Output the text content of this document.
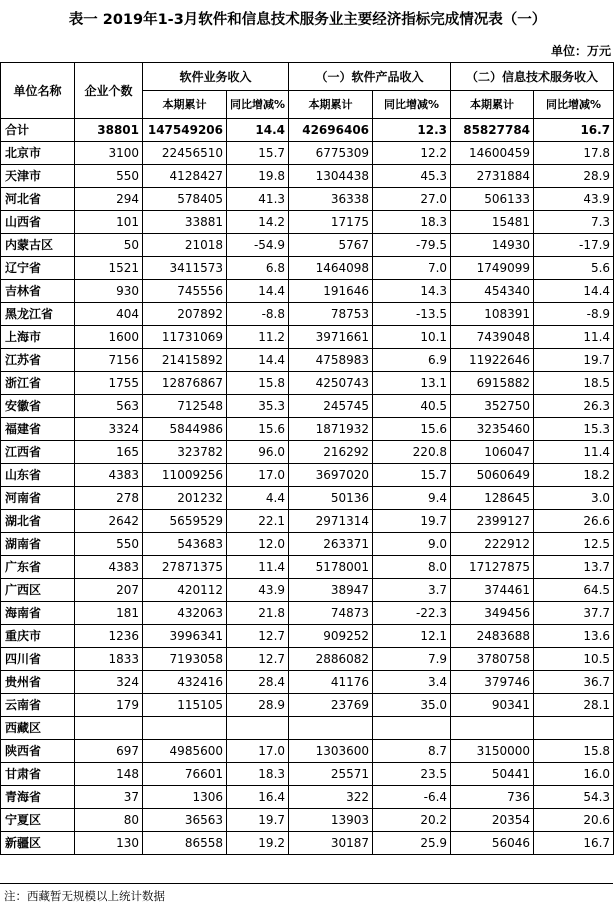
表一 2019年1-3月软件和信息技术服务业主要经济指标完成情况表（一）
单位：万元
单位名称	企业个数	软件业务收入		（一）软件产品收入		（二）信息技术服务收入	
		本期累计	同比增减%	本期累计	同比增减%	本期累计	同比增减%
合计	38801	147549206	14.4	42696406	12.3	85827784	16.7
北京市	3100	22456510	15.7	6775309	12.2	14600459	17.8
天津市	550	4128427	19.8	1304438	45.3	2731884	28.9
河北省	294	578405	41.3	36338	27.0	506133	43.9
山西省	101	33881	14.2	17175	18.3	15481	7.3
内蒙古区	50	21018	-54.9	5767	-79.5	14930	-17.9
辽宁省	1521	3411573	6.8	1464098	7.0	1749099	5.6
吉林省	930	745556	14.4	191646	14.3	454340	14.4
黑龙江省	404	207892	-8.8	78753	-13.5	108391	-8.9
上海市	1600	11731069	11.2	3971661	10.1	7439048	11.4
江苏省	7156	21415892	14.4	4758983	6.9	11922646	19.7
浙江省	1755	12876867	15.8	4250743	13.1	6915882	18.5
安徽省	563	712548	35.3	245745	40.5	352750	26.3
福建省	3324	5844986	15.6	1871932	15.6	3235460	15.3
江西省	165	323782	96.0	216292	220.8	106047	11.4
山东省	4383	11009256	17.0	3697020	15.7	5060649	18.2
河南省	278	201232	4.4	50136	9.4	128645	3.0
湖北省	2642	5659529	22.1	2971314	19.7	2399127	26.6
湖南省	550	543683	12.0	263371	9.0	222912	12.5
广东省	4383	27871375	11.4	5178001	8.0	17127875	13.7
广西区	207	420112	43.9	38947	3.7	374461	64.5
海南省	181	432063	21.8	74873	-22.3	349456	37.7
重庆市	1236	3996341	12.7	909252	12.1	2483688	13.6
四川省	1833	7193058	12.7	2886082	7.9	3780758	10.5
贵州省	324	432416	28.4	41176	3.4	379746	36.7
云南省	179	115105	28.9	23769	35.0	90341	28.1
西藏区							
陕西省	697	4985600	17.0	1303600	8.7	3150000	15.8
甘肃省	148	76601	18.3	25571	23.5	50441	16.0
青海省	37	1306	16.4	322	-6.4	736	54.3
宁夏区	80	36563	19.7	13903	20.2	20354	20.6
新疆区	130	86558	19.2	30187	25.9	56046	16.7
注：西藏暂无规模以上统计数据
